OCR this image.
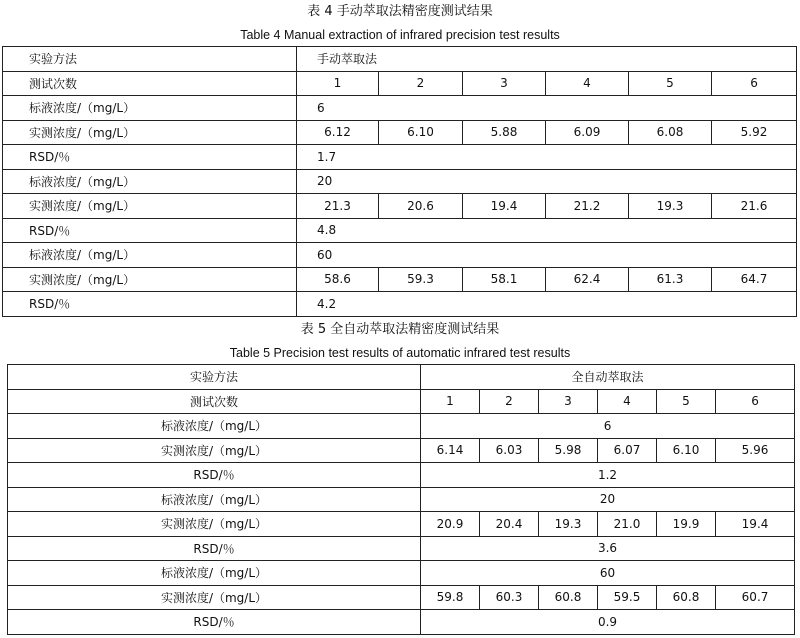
表 4 手动萃取法精密度测试结果
Table 4 Manual extraction of infrared precision test results
实验方法	手动萃取法					
测试次数	1	2	3	4	5	6
标液浓度/（mg/L）	6					
实测浓度/（mg/L）	6.12	6.10	5.88	6.09	6.08	5.92
RSD/％	1.7					
标液浓度/（mg/L）	20					
实测浓度/（mg/L）	21.3	20.6	19.4	21.2	19.3	21.6
RSD/％	4.8					
标液浓度/（mg/L）	60					
实测浓度/（mg/L）	58.6	59.3	58.1	62.4	61.3	64.7
RSD/％	4.2					
表 5 全自动萃取法精密度测试结果
Table 5 Precision test results of automatic infrared test results
实验方法	全自动萃取法					
测试次数	1	2	3	4	5	6
标液浓度/（mg/L）	6					
实测浓度/（mg/L）	6.14	6.03	5.98	6.07	6.10	5.96
RSD/％	1.2					
标液浓度/（mg/L）	20					
实测浓度/（mg/L）	20.9	20.4	19.3	21.0	19.9	19.4
RSD/％	3.6					
标液浓度/（mg/L）	60					
实测浓度/（mg/L）	59.8	60.3	60.8	59.5	60.8	60.7
RSD/％	0.9					
